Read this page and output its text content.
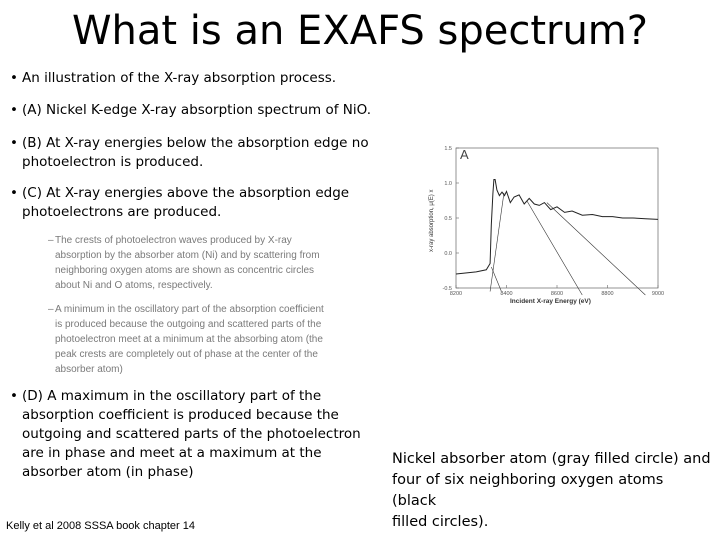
What is an EXAFS spectrum?
• An illustration of the X-ray absorption process.
• (A) Nickel K-edge X-ray absorption spectrum of NiO.
• (B) At X-ray energies below the absorption edge no
photoelectron is produced.
• (C) At X-ray energies above the absorption edge
photoelectrons are produced.
– The crests of photoelectron waves produced by X-ray
absorption by the absorber atom (Ni) and by scattering from
neighboring oxygen atoms are shown as concentric circles
about Ni and O atoms, respectively.
– A minimum in the oscillatory part of the absorption coefficient
is produced because the outgoing and scattered parts of the
photoelectron meet at a minimum at the absorbing atom (the
peak crests are completely out of phase at the center of the
absorber atom)
• (D) A maximum in the oscillatory part of the
absorption coefficient is produced because the
outgoing and scattered parts of the photoelectron
are in phase and meet at a maximum at the
absorber atom (in phase)
1.5
1.0
0.5
0.0
-0.5
8200	8400	8600	8800	9000
A
Incident X-ray Energy (eV)
x-ray absorption, μ(E) x
Nickel absorber atom (gray filled circle) and
four of six neighboring oxygen atoms (black
filled circles).
Kelly et al 2008 SSSA book chapter 14
